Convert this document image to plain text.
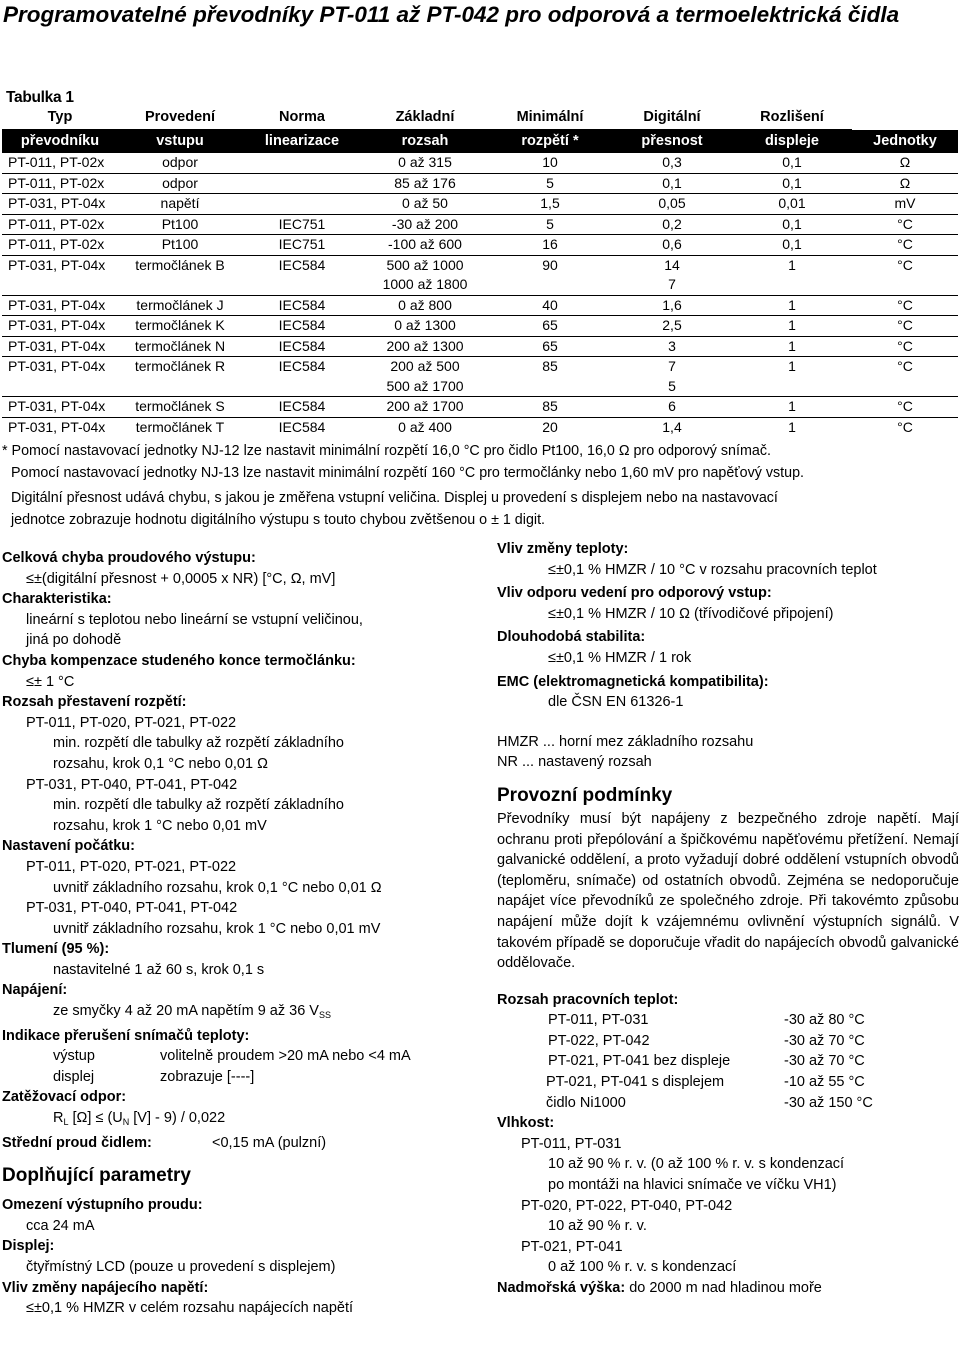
Programovatelné převodníky PT-011 až PT-042 pro odporová a termoelektrická čidla
Tabulka 1
Typ	Provedení	Norma	Základní	Minimální	Digitální	Rozlišení	
převodníku	vstupu	linearizace	rozsah	rozpětí *	přesnost	displeje	Jednotky
PT-011, PT-02x	odpor		0 až 315	10	0,3	0,1	Ω
PT-011, PT-02x	odpor		85 až 176	5	0,1	0,1	Ω
PT-031, PT-04x	napětí		0 až 50	1,5	0,05	0,01	mV
PT-011, PT-02x	Pt100	IEC751	-30 až 200	5	0,2	0,1	°C
PT-011, PT-02x	Pt100	IEC751	-100 až 600	16	0,6	0,1	°C
PT-031, PT-04x	termočlánek B	IEC584	500 až 1000	90	14	1	°C
			1000 až 1800		7		
PT-031, PT-04x	termočlánek J	IEC584	0 až 800	40	1,6	1	°C
PT-031, PT-04x	termočlánek K	IEC584	0 až 1300	65	2,5	1	°C
PT-031, PT-04x	termočlánek N	IEC584	200 až 1300	65	3	1	°C
PT-031, PT-04x	termočlánek R	IEC584	200 až 500	85	7	1	°C
			500 až 1700		5		
PT-031, PT-04x	termočlánek S	IEC584	200 až 1700	85	6	1	°C
PT-031, PT-04x	termočlánek T	IEC584	0 až 400	20	1,4	1	°C

* Pomocí nastavovací jednotky NJ-12 lze nastavit minimální rozpětí 16,0 °C pro čidlo Pt100, 16,0 Ω pro odporový snímač.

Pomocí nastavovací jednotky NJ-13 lze nastavit minimální rozpětí 160 °C pro termočlánky nebo 1,60 mV pro napěťový vstup.

Digitální přesnost udává chybu, s jakou je změřena vstupní veličina. Displej u provedení s displejem nebo na nastavovací

jednotce zobrazuje hodnotu digitálního výstupu s touto chybou zvětšenou o ± 1 digit.

Celková chyba proudového výstupu:

≤±(digitální přesnost + 0,0005 x NR) [°C, Ω, mV]

Charakteristika:

lineární s teplotou nebo lineární se vstupní veličinou,

jiná po dohodě

Chyba kompenzace studeného konce termočlánku:

≤± 1 °C

Rozsah přestavení rozpětí:

PT-011, PT-020, PT-021, PT-022

min. rozpětí dle tabulky až rozpětí základního

rozsahu, krok 0,1 °C nebo 0,01 Ω

PT-031, PT-040, PT-041, PT-042

min. rozpětí dle tabulky až rozpětí základního

rozsahu, krok 1 °C nebo 0,01 mV

Nastavení počátku:

PT-011, PT-020, PT-021, PT-022

uvnitř základního rozsahu, krok 0,1 °C nebo 0,01 Ω

PT-031, PT-040, PT-041, PT-042

uvnitř základního rozsahu, krok 1 °C nebo 0,01 mV

Tlumení (95 %):

nastavitelné 1 až 60 s, krok 0,1 s

Napájení:

ze smyčky 4 až 20 mA napětím 9 až 36 $V_{SS}$

Indikace přerušení snímačů teploty:

výstup	volitelně proudem >20 mA nebo <4 mA

displej	zobrazuje [----]

Zatěžovací odpor:

$R_L$ $[\Omega] \le (U_N$ [V] - 9) / 0,022

Střední proud čidlem:	<0,15 mA (pulzní)

Doplňující parametry

Omezení výstupního proudu:

cca 24 mA

Displej:

čtyřmístný LCD (pouze u provedení s displejem)

Vliv změny napájecího napětí:

≤±0,1 % HMZR v celém rozsahu napájecích napětí

Vliv změny teploty:

≤±0,1 % HMZR / 10 °C v rozsahu pracovních teplot

Vliv odporu vedení pro odporový vstup:

≤±0,1 % HMZR / 10 Ω (třívodičové připojení)

Dlouhodobá stabilita:

≤±0,1 % HMZR / 1 rok

EMC (elektromagnetická kompatibilita):

dle ČSN EN 61326-1

HMZR ... horní mez základního rozsahu

NR ... nastavený rozsah

Provozní podmínky

Převodníky musí být napájeny z bezpečného zdroje napětí. Mají ochranu proti přepólování a špičkovému napěťovému přetížení. Nemají galvanické oddělení, a proto vyžadují dobré oddělení vstupních obvodů (teploměru, snímače) od ostatních obvodů. Zejména se nedoporučuje napájet více převodníků ze společného zdroje. Při takovémto způsobu napájení může dojít k vzájemnému ovlivnění výstupních signálů. V takovém případě se doporučuje vřadit do napájecích obvodů galvanické oddělovače.

Rozsah pracovních teplot:

PT-011, PT-031	-30 až 80 °C

PT-022, PT-042	-30 až 70 °C

PT-021, PT-041 bez displeje	-30 až 70 °C

PT-021, PT-041 s displejem	-10 až 55 °C

čidlo Ni1000	-30 až 150 °C

Vlhkost:

PT-011, PT-031

10 až 90 % r. v. (0 až 100 % r. v. s kondenzací

po montáži na hlavici snímače ve víčku VH1)

PT-020, PT-022, PT-040, PT-042

10 až 90 % r. v.

PT-021, PT-041

0 až 100 % r. v. s kondenzací

Nadmořská výška: do 2000 m nad hladinou moře
